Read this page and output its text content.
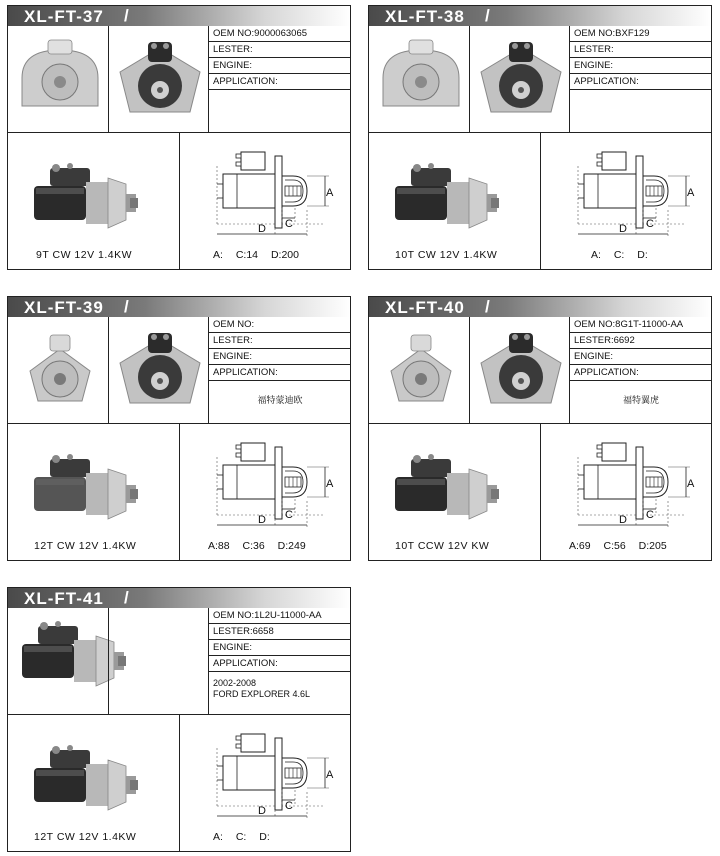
XL-FT-37 /
OEM NO:9000063065
LESTER:
ENGINE:
APPLICATION:
A
C
D
9T CW 12V 1.4KW	A: C:14 D:200
XL-FT-38 /
OEM NO:BXF129
LESTER:
ENGINE:
APPLICATION:
A
C
D
10T CW 12V 1.4KW	A: C: D:
XL-FT-39 /
OEM NO:
LESTER:
ENGINE:
APPLICATION:
福特蒙迪欧
A
C
D
12T CW 12V 1.4KW	A:88 C:36 D:249
XL-FT-40 /
OEM NO:8G1T-11000-AA
LESTER:6692
ENGINE:
APPLICATION:
福特翼虎
A
C
D
10T CCW 12V KW	A:69 C:56 D:205
XL-FT-41 /
OEM NO:1L2U-11000-AA
LESTER:6658
ENGINE:
APPLICATION:
2002-2008
FORD EXPLORER 4.6L
A
C
D
12T CW 12V 1.4KW	A: C: D:
